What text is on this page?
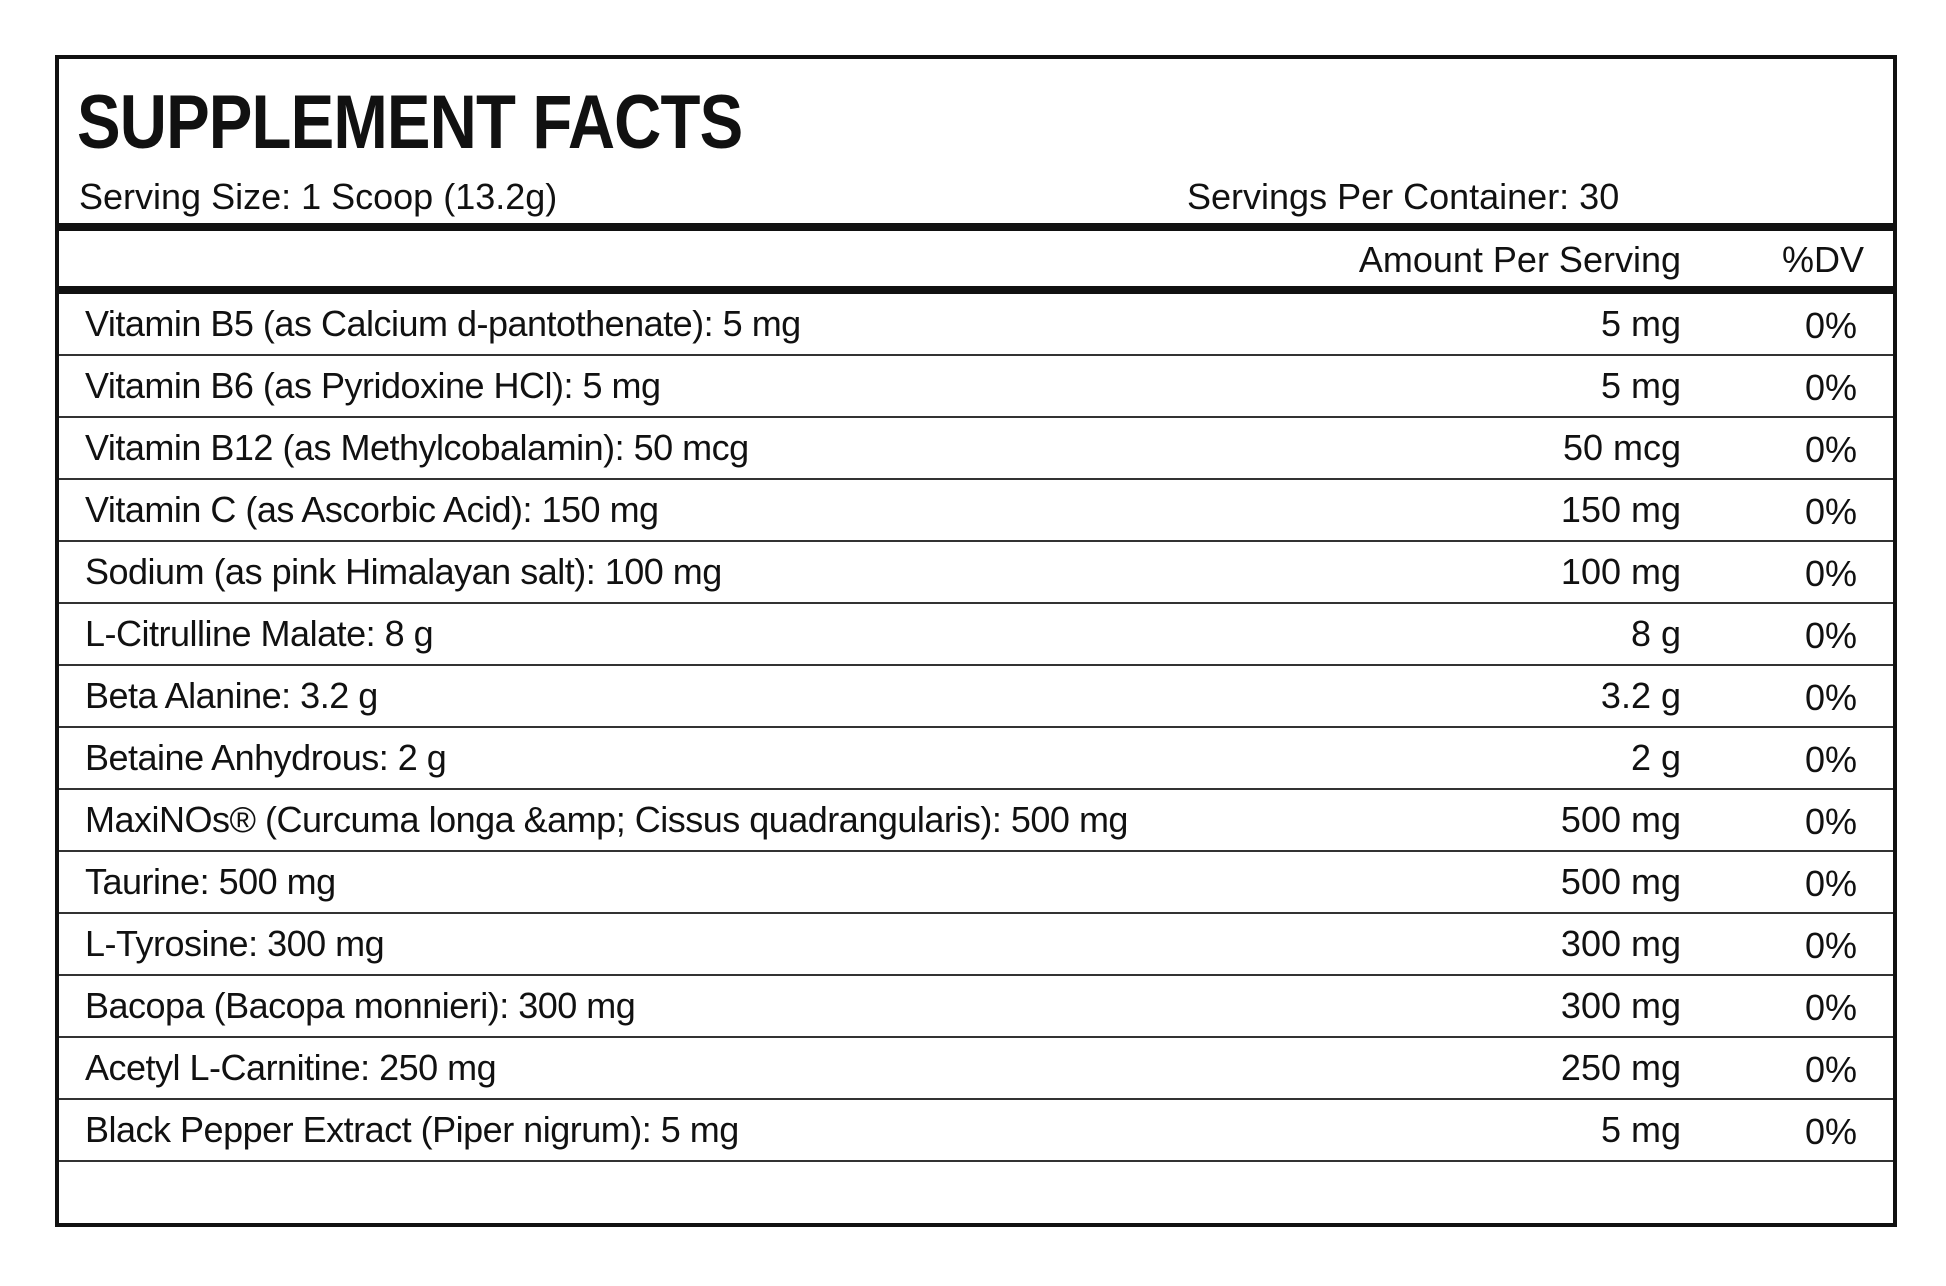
SUPPLEMENT FACTS
Serving Size: 1 Scoop (13.2g)	Servings Per Container: 30
Amount Per Serving	%DV
Vitamin B5 (as Calcium d-pantothenate): 5 mg	5 mg	0%
Vitamin B6 (as Pyridoxine HCl): 5 mg	5 mg	0%
Vitamin B12 (as Methylcobalamin): 50 mcg	50 mcg	0%
Vitamin C (as Ascorbic Acid): 150 mg	150 mg	0%
Sodium (as pink Himalayan salt): 100 mg	100 mg	0%
L-Citrulline Malate: 8 g	8 g	0%
Beta Alanine: 3.2 g	3.2 g	0%
Betaine Anhydrous: 2 g	2 g	0%
MaxiNOs® (Curcuma longa &amp; Cissus quadrangularis): 500 mg	500 mg	0%
Taurine: 500 mg	500 mg	0%
L-Tyrosine: 300 mg	300 mg	0%
Bacopa (Bacopa monnieri): 300 mg	300 mg	0%
Acetyl L-Carnitine: 250 mg	250 mg	0%
Black Pepper Extract (Piper nigrum): 5 mg	5 mg	0%
